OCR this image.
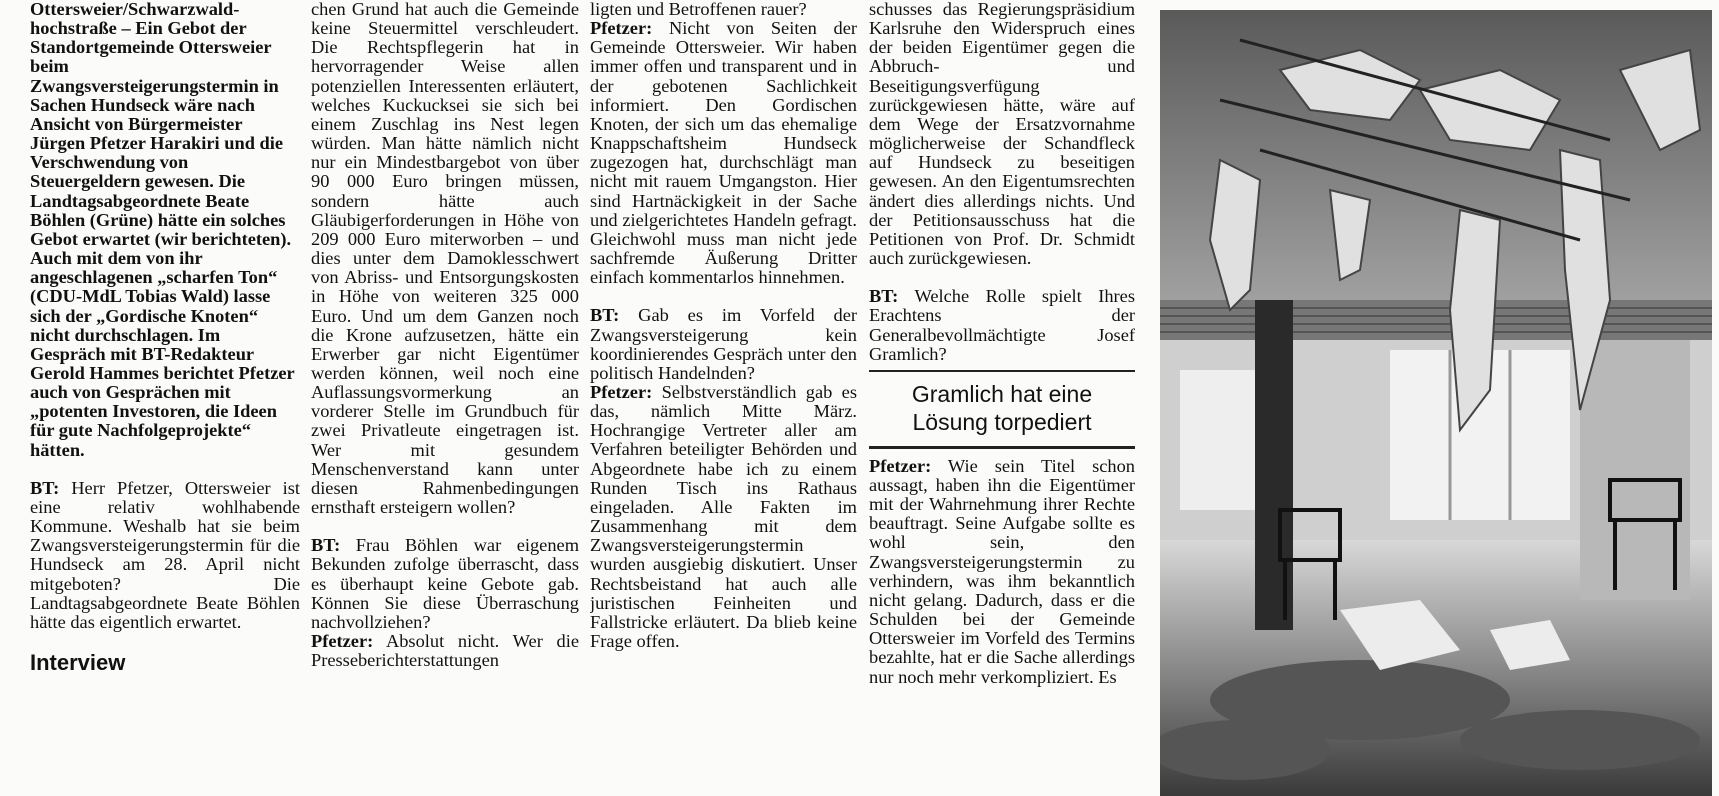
Ottersweier/Schwarzwald-
hochstraße – Ein Gebot der
Standortgemeinde Ottersweier beim Zwangsversteigerungstermin in Sachen Hundseck wäre nach Ansicht von Bürgermeister Jürgen Pfetzer Harakiri und die Verschwendung von Steuergeldern gewesen. Die Landtagsabgeordnete Beate Böhlen (Grüne) hätte ein solches Gebot erwartet (wir berichteten). Auch mit dem von ihr angeschlagenen „scharfen Ton“ (CDU-MdL Tobias Wald) lasse sich der „Gordische Knoten“ nicht durchschlagen. Im Gespräch mit BT-Redakteur Gerold Hammes berichtet Pfetzer auch von Gesprächen mit „potenten Investoren, die Ideen für gute Nachfolgeprojekte“ hätten.

BT: Herr Pfetzer, Ottersweier ist eine relativ wohlhabende Kommune. Weshalb hat sie beim Zwangsversteigerungstermin für die Hundseck am 28. April nicht mitgeboten? Die Landtagsabgeordnete Beate Böhlen hätte das eigentlich erwartet.

Interview

chen Grund hat auch die Gemeinde keine Steuermittel verschleudert. Die Rechtspflegerin hat in hervorragender Weise allen potenziellen Interessenten erläutert, welches Kuckucksei sie sich bei einem Zuschlag ins Nest legen würden. Man hätte nämlich nicht nur ein Mindestbargebot von über 90 000 Euro bringen müssen, sondern hätte auch Gläubigerforderungen in Höhe von 209 000 Euro miterworben – und dies unter dem Damoklesschwert von Abriss- und Entsorgungskosten in Höhe von weiteren 325 000 Euro. Und um dem Ganzen noch die Krone aufzusetzen, hätte ein Erwerber gar nicht Eigentümer werden können, weil noch eine Auflassungsvormerkung an vorderer Stelle im Grundbuch für zwei Privatleute eingetragen ist. Wer mit gesundem Menschenverstand kann unter diesen Rahmenbedingungen ernsthaft ersteigern wollen?

BT: Frau Böhlen war eigenem Bekunden zufolge überrascht, dass es überhaupt keine Gebote gab. Können Sie diese Überraschung nachvollziehen?

Pfetzer: Absolut nicht. Wer die Presseberichterstattungen

ligten und Betroffenen rauer?

Pfetzer: Nicht von Seiten der Gemeinde Ottersweier. Wir haben immer offen und transparent und in der gebotenen Sachlichkeit informiert. Den Gordischen Knoten, der sich um das ehemalige Knappschaftsheim Hundseck zugezogen hat, durchschlägt man nicht mit rauem Umgangston. Hier sind Hartnäckigkeit in der Sache und zielgerichtetes Handeln gefragt. Gleichwohl muss man nicht jede sachfremde Äußerung Dritter einfach kommentarlos hinnehmen.

BT: Gab es im Vorfeld der Zwangsversteigerung kein koordinierendes Gespräch unter den politisch Handelnden?

Pfetzer: Selbstverständlich gab es das, nämlich Mitte März. Hochrangige Vertreter aller am Verfahren beteiligter Behörden und Abgeordnete habe ich zu einem Runden Tisch ins Rathaus eingeladen. Alle Fakten im Zusammenhang mit dem Zwangsversteigerungstermin wurden ausgiebig diskutiert. Unser Rechtsbeistand hat auch alle juristischen Feinheiten und Fallstricke erläutert. Da blieb keine Frage offen.

schusses das Regierungspräsidium Karlsruhe den Widerspruch eines der beiden Eigentümer gegen die Abbruch- und Beseitigungsverfügung zurückgewiesen hätte, wäre auf dem Wege der Ersatzvornahme möglicherweise der Schandfleck auf Hundseck zu beseitigen gewesen. An den Eigentumsrechten ändert dies allerdings nichts. Und der Petitionsausschuss hat die Petitionen von Prof. Dr. Schmidt auch zurückgewiesen.

BT: Welche Rolle spielt Ihres Erachtens der Generalbevollmächtigte Josef Gramlich?

Gramlich hat eine
Lösung torpediert

Pfetzer: Wie sein Titel schon aussagt, haben ihn die Eigentümer mit der Wahrnehmung ihrer Rechte beauftragt. Seine Aufgabe sollte es wohl sein, den Zwangsversteigerungstermin zu verhindern, was ihm bekanntlich nicht gelang. Dadurch, dass er die Schulden bei der Gemeinde Ottersweier im Vorfeld des Termins bezahlte, hat er die Sache allerdings nur noch mehr verkompliziert. Es
